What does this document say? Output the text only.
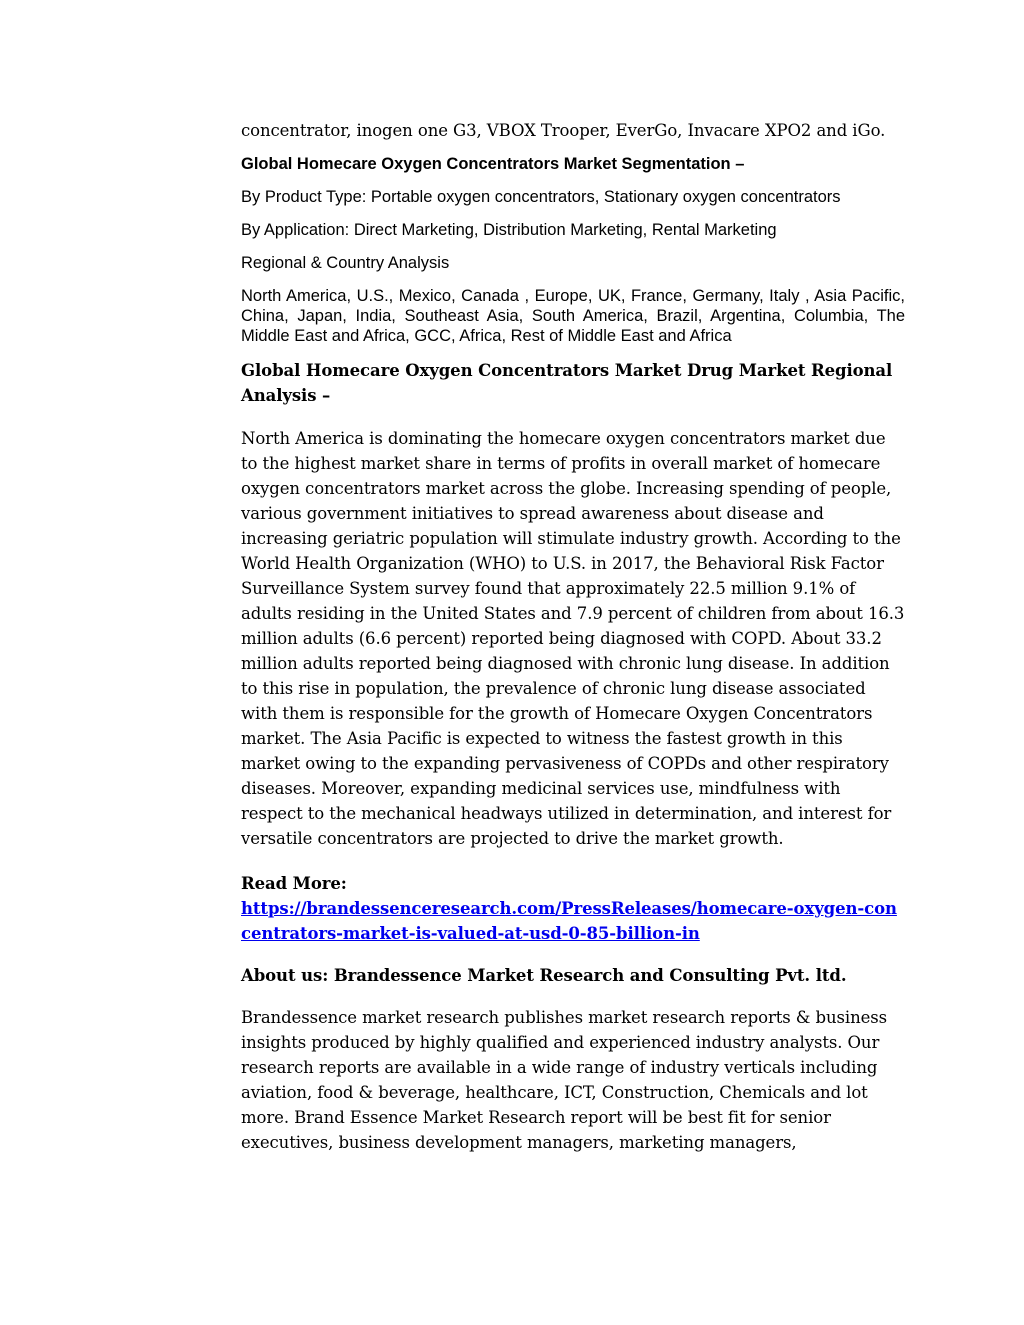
concentrator, inogen one G3, VBOX Trooper, EverGo, Invacare XPO2 and iGo.

Global Homecare Oxygen Concentrators Market Segmentation –

By Product Type: Portable oxygen concentrators, Stationary oxygen concentrators

By Application: Direct Marketing, Distribution Marketing, Rental Marketing

Regional & Country Analysis

North America, U.S., Mexico, Canada , Europe, UK, France, Germany, Italy , Asia Pacific, China, Japan, India, Southeast Asia, South America, Brazil, Argentina, Columbia, The Middle East and Africa, GCC, Africa, Rest of Middle East and Africa

Global Homecare Oxygen Concentrators Market Drug Market Regional Analysis –

North America is dominating the homecare oxygen concentrators market due to the highest market share in terms of profits in overall market of homecare oxygen concentrators market across the globe. Increasing spending of people, various government initiatives to spread awareness about disease and increasing geriatric population will stimulate industry growth. According to the World Health Organization (WHO) to U.S. in 2017, the Behavioral Risk Factor Surveillance System survey found that approximately 22.5 million 9.1% of adults residing in the United States and 7.9 percent of children from about 16.3 million adults (6.6 percent) reported being diagnosed with COPD. About 33.2 million adults reported being diagnosed with chronic lung disease. In addition to this rise in population, the prevalence of chronic lung disease associated with them is responsible for the growth of Homecare Oxygen Concentrators market. The Asia Pacific is expected to witness the fastest growth in this market owing to the expanding pervasiveness of COPDs and other respiratory diseases. Moreover, expanding medicinal services use, mindfulness with respect to the mechanical headways utilized in determination, and interest for versatile concentrators are projected to drive the market growth.

Read More:
https://brandessenceresearch.com/PressReleases/homecare-oxygen-concentrators-market-is-valued-at-usd-0-85-billion-in

About us: Brandessence Market Research and Consulting Pvt. ltd.

Brandessence market research publishes market research reports & business insights produced by highly qualified and experienced industry analysts. Our research reports are available in a wide range of industry verticals including aviation, food & beverage, healthcare, ICT, Construction, Chemicals and lot more. Brand Essence Market Research report will be best fit for senior executives, business development managers, marketing managers,
